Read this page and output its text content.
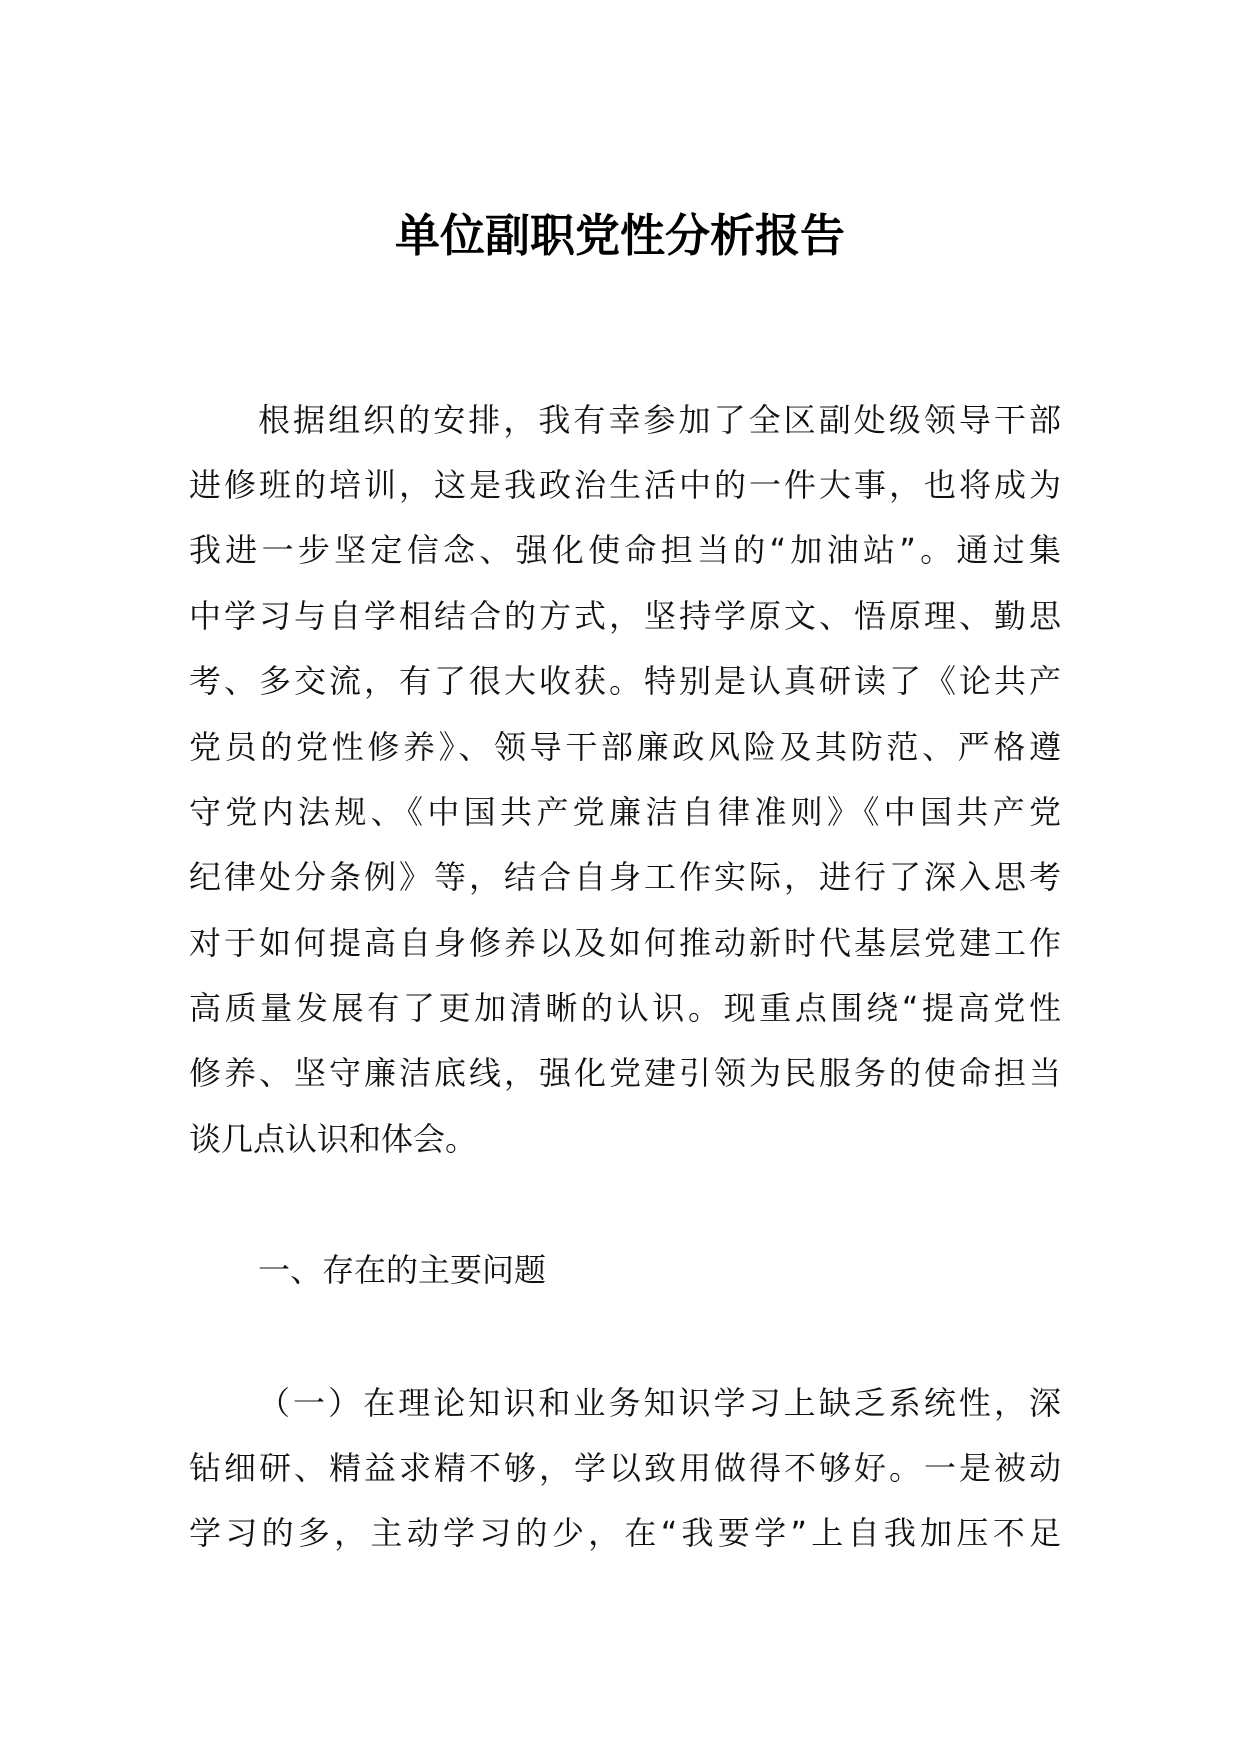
单位副职党性分析报告
根据组织的安排，我有幸参加了全区副处级领导干部
进修班的培训，这是我政治生活中的一件大事，也将成为
我进一步坚定信念、强化使命担当的“加油站”。通过集
中学习与自学相结合的方式，坚持学原文、悟原理、勤思
考、多交流，有了很大收获。特别是认真研读了《论共产
党员的党性修养》、领导干部廉政风险及其防范、严格遵
守党内法规、《中国共产党廉洁自律准则》《中国共产党
纪律处分条例》等，结合自身工作实际，进行了深入思考
对于如何提高自身修养以及如何推动新时代基层党建工作
高质量发展有了更加清晰的认识。现重点围绕“提高党性
修养、坚守廉洁底线，强化党建引领为民服务的使命担当
谈几点认识和体会。
一、存在的主要问题
（一）在理论知识和业务知识学习上缺乏系统性，深
钻细研、精益求精不够，学以致用做得不够好。一是被动
学习的多，主动学习的少，在“我要学”上自我加压不足
